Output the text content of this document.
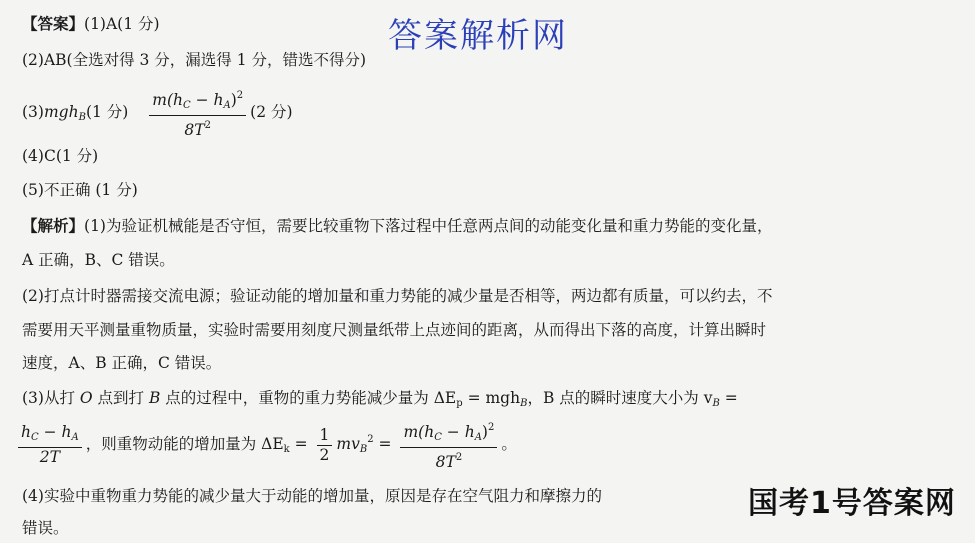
答案解析网
【答案】(1)A(1 分)
(2)AB(全选对得 3 分，漏选得 1 分，错选不得分)
(3)mgh$_B$(1 分) $\frac{m(h_C - h_A)^2}{8T^2} (2$ 分)
(4)C(1 分)
(5)不正确 (1 分)
【解析】(1)为验证机械能是否守恒，需要比较重物下落过程中任意两点间的动能变化量和重力势能的变化量，
A 正确，B、C 错误。
(2)打点计时器需接交流电源；验证动能的增加量和重力势能的减少量是否相等，两边都有质量，可以约去，不
需要用天平测量重物质量，实验时需要用刻度尺测量纸带上点迹间的距离，从而得出下落的高度，计算出瞬时
速度，A、B 正确，C 错误。
(3)从打 O 点到打 B 点的过程中，重物的重力势能减少量为 $\Delta E_p = mgh_B$，B 点的瞬时速度大小为 $v_B$ =
$\frac{h_C - h_A}{2T}$ ，则重物动能的增加量为 $\Delta E_k = \frac{1}{2} mv_B^2 = \frac{m(h_C - h_A)^2}{8T^2}$ 。
(4)实验中重物重力势能的减少量大于动能的增加量，原因是存在空气阻力和摩擦力的
错误。
国考1号答案网
